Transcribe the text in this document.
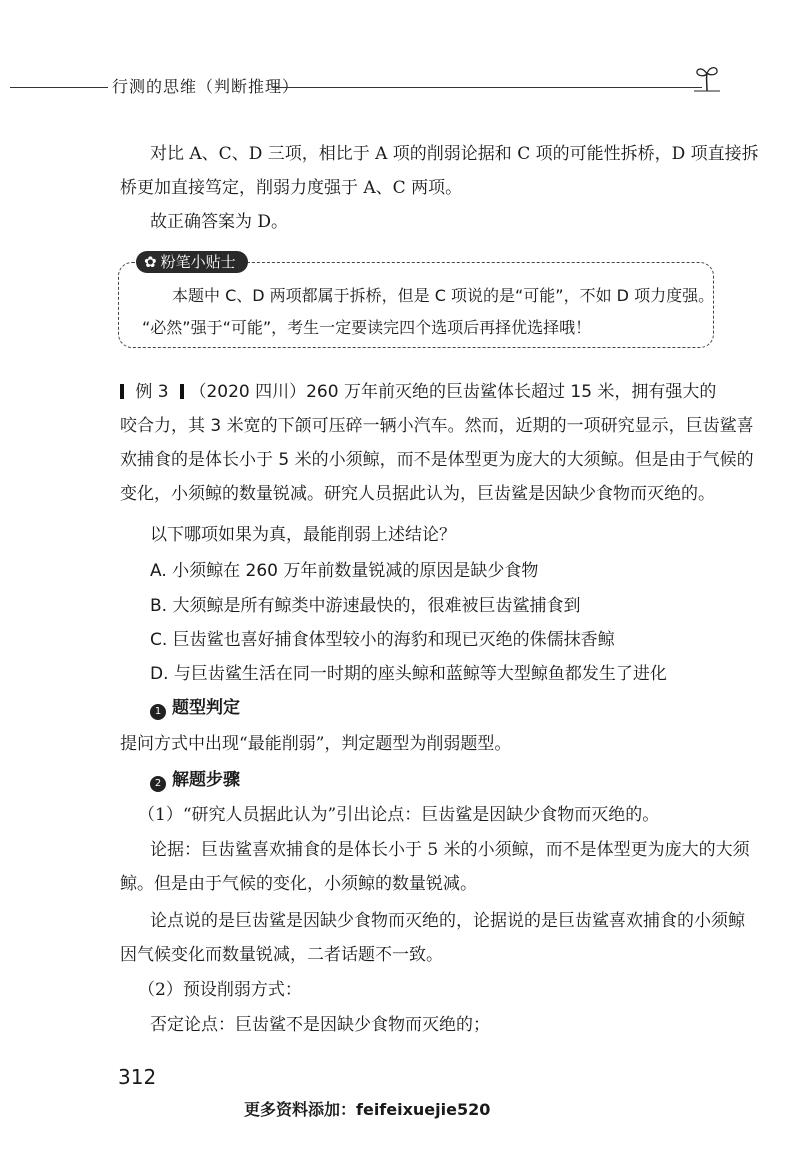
行测的思维（判断推理）
对比 A、C、D 三项，相比于 A 项的削弱论据和 C 项的可能性拆桥，D 项直接拆
桥更加直接笃定，削弱力度强于 A、C 两项。
故正确答案为 D。
✿ 粉笔小贴士
本题中 C、D 两项都属于拆桥，但是 C 项说的是“可能”，不如 D 项力度强。
“必然”强于“可能”，考生一定要读完四个选项后再择优选择哦！
例 3 （2020 四川）260 万年前灭绝的巨齿鲨体长超过 15 米，拥有强大的
咬合力，其 3 米宽的下颌可压碎一辆小汽车。然而，近期的一项研究显示，巨齿鲨喜
欢捕食的是体长小于 5 米的小须鲸，而不是体型更为庞大的大须鲸。但是由于气候的
变化，小须鲸的数量锐减。研究人员据此认为，巨齿鲨是因缺少食物而灭绝的。
以下哪项如果为真，最能削弱上述结论？
A. 小须鲸在 260 万年前数量锐减的原因是缺少食物
B. 大须鲸是所有鲸类中游速最快的，很难被巨齿鲨捕食到
C. 巨齿鲨也喜好捕食体型较小的海豹和现已灭绝的侏儒抹香鲸
D. 与巨齿鲨生活在同一时期的座头鲸和蓝鲸等大型鲸鱼都发生了进化
1 题型判定
提问方式中出现“最能削弱”，判定题型为削弱题型。
2 解题步骤
（1）“研究人员据此认为”引出论点：巨齿鲨是因缺少食物而灭绝的。
论据：巨齿鲨喜欢捕食的是体长小于 5 米的小须鲸，而不是体型更为庞大的大须
鲸。但是由于气候的变化，小须鲸的数量锐减。
论点说的是巨齿鲨是因缺少食物而灭绝的，论据说的是巨齿鲨喜欢捕食的小须鲸
因气候变化而数量锐减，二者话题不一致。
（2）预设削弱方式：
否定论点：巨齿鲨不是因缺少食物而灭绝的；
312
更多资料添加：feifeixuejie520
